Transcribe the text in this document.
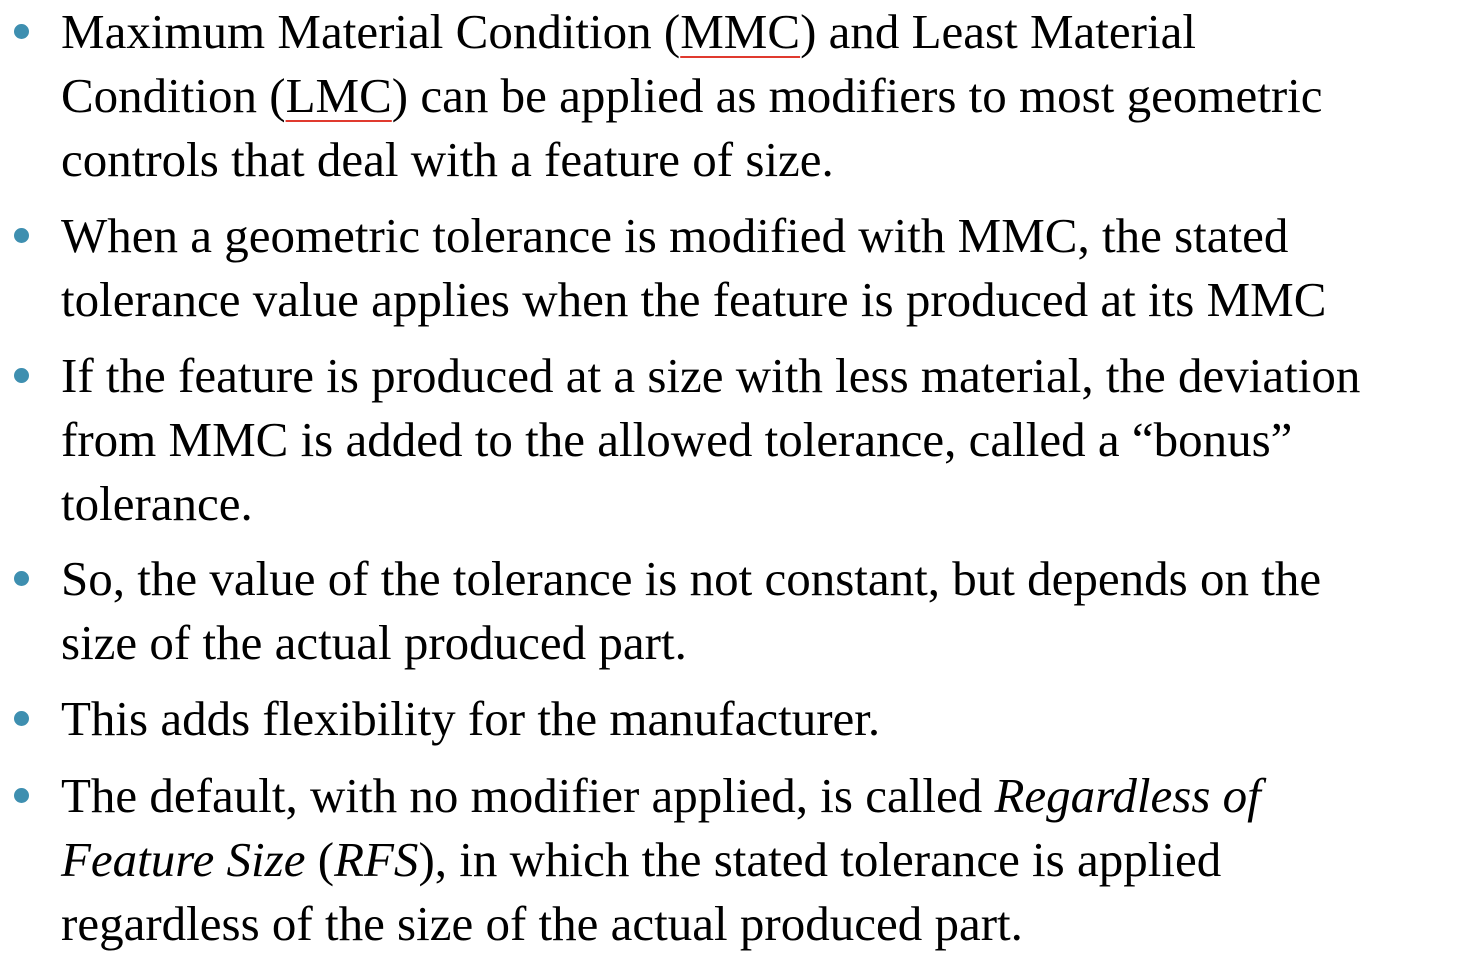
Maximum Material Condition (MMC) and Least Material
Condition (LMC) can be applied as modifiers to most geometric
controls that deal with a feature of size.
When a geometric tolerance is modified with MMC, the stated
tolerance value applies when the feature is produced at its MMC
If the feature is produced at a size with less material, the deviation
from MMC is added to the allowed tolerance, called a “bonus”
tolerance.
So, the value of the tolerance is not constant, but depends on the
size of the actual produced part.
This adds flexibility for the manufacturer.
The default, with no modifier applied, is called Regardless of
Feature Size (RFS), in which the stated tolerance is applied
regardless of the size of the actual produced part.
